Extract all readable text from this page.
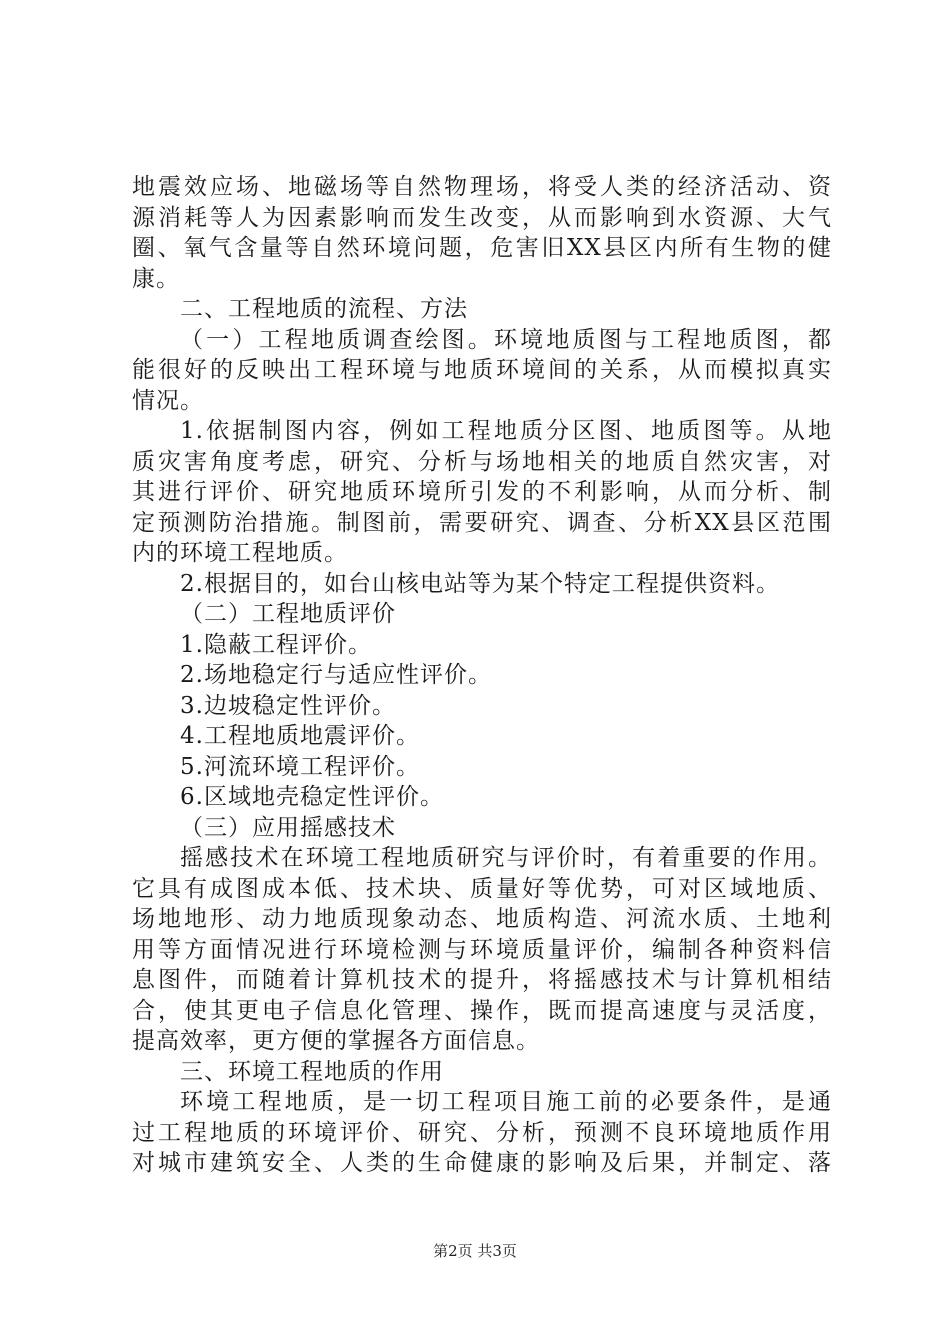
地震效应场、地磁场等自然物理场，将受人类的经济活动、资
源消耗等人为因素影响而发生改变，从而影响到水资源、大气
圈、氧气含量等自然环境问题，危害旧XX县区内所有生物的健
康。
二、工程地质的流程、方法
（一）工程地质调查绘图。环境地质图与工程地质图，都
能很好的反映出工程环境与地质环境间的关系，从而模拟真实
情况。
1.依据制图内容，例如工程地质分区图、地质图等。从地
质灾害角度考虑，研究、分析与场地相关的地质自然灾害，对
其进行评价、研究地质环境所引发的不利影响，从而分析、制
定预测防治措施。制图前，需要研究、调查、分析XX县区范围
内的环境工程地质。
2.根据目的，如台山核电站等为某个特定工程提供资料。
（二）工程地质评价
1.隐蔽工程评价。
2.场地稳定行与适应性评价。
3.边坡稳定性评价。
4.工程地质地震评价。
5.河流环境工程评价。
6.区域地壳稳定性评价。
（三）应用摇感技术
摇感技术在环境工程地质研究与评价时，有着重要的作用。
它具有成图成本低、技术块、质量好等优势，可对区域地质、
场地地形、动力地质现象动态、地质构造、河流水质、土地利
用等方面情况进行环境检测与环境质量评价，编制各种资料信
息图件，而随着计算机技术的提升，将摇感技术与计算机相结
合，使其更电子信息化管理、操作，既而提高速度与灵活度，
提高效率，更方便的掌握各方面信息。
三、环境工程地质的作用
环境工程地质，是一切工程项目施工前的必要条件，是通
过工程地质的环境评价、研究、分析，预测不良环境地质作用
对城市建筑安全、人类的生命健康的影响及后果，并制定、落
第2页 共3页
